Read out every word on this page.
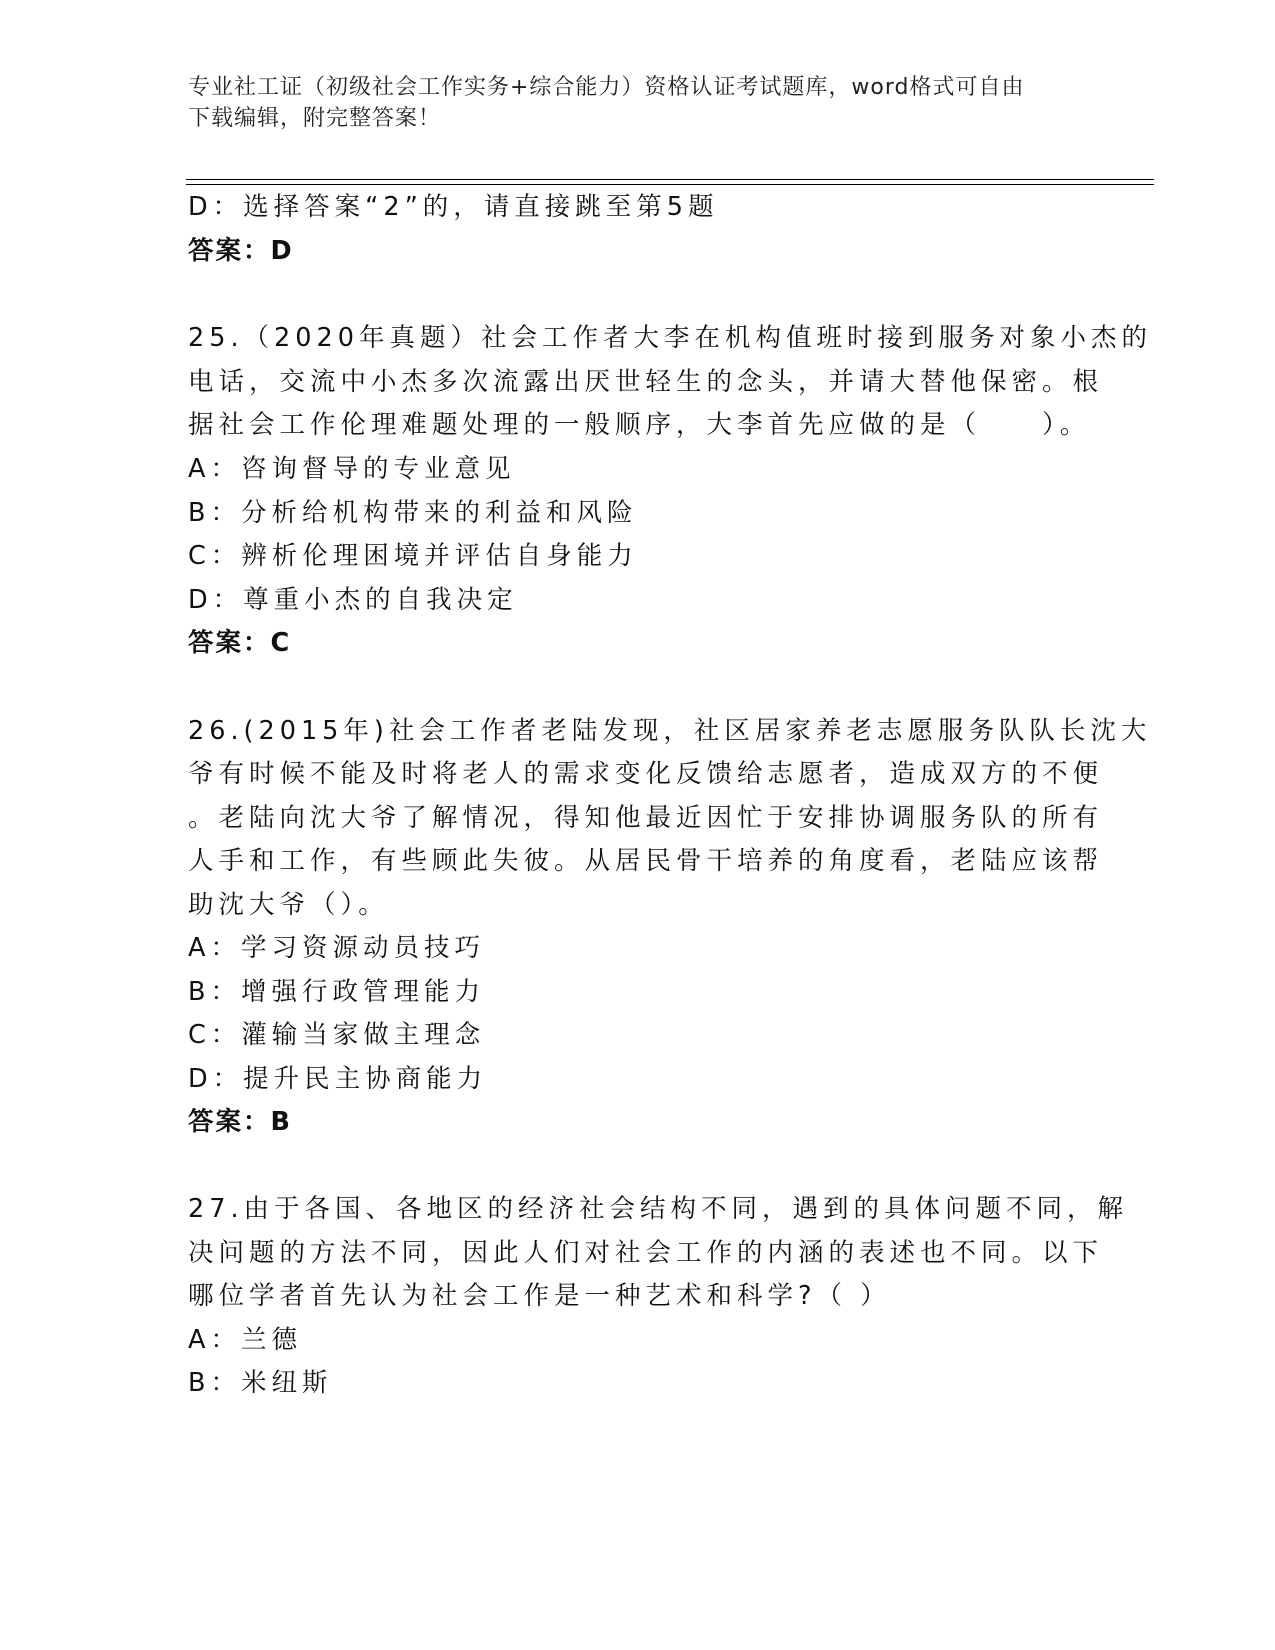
专业社工证（初级社会工作实务+综合能力）资格认证考试题库，word格式可自由
下载编辑，附完整答案！
D：选择答案“2”的，请直接跳至第5题
答案：D
25.（2020年真题）社会工作者大李在机构值班时接到服务对象小杰的
电话，交流中小杰多次流露出厌世轻生的念头，并请大替他保密。根
据社会工作伦理难题处理的一般顺序，大李首先应做的是（　　）。
A：咨询督导的专业意见
B：分析给机构带来的利益和风险
C：辨析伦理困境并评估自身能力
D：尊重小杰的自我决定
答案：C
26.(2015年)社会工作者老陆发现，社区居家养老志愿服务队队长沈大
爷有时候不能及时将老人的需求变化反馈给志愿者，造成双方的不便
。老陆向沈大爷了解情况，得知他最近因忙于安排协调服务队的所有
人手和工作，有些顾此失彼。从居民骨干培养的角度看，老陆应该帮
助沈大爷（）。
A：学习资源动员技巧
B：增强行政管理能力
C：灌输当家做主理念
D：提升民主协商能力
答案：B
27.由于各国、各地区的经济社会结构不同，遇到的具体问题不同，解
决问题的方法不同，因此人们对社会工作的内涵的表述也不同。以下
哪位学者首先认为社会工作是一种艺术和科学?（ ）
A：兰德
B：米纽斯
